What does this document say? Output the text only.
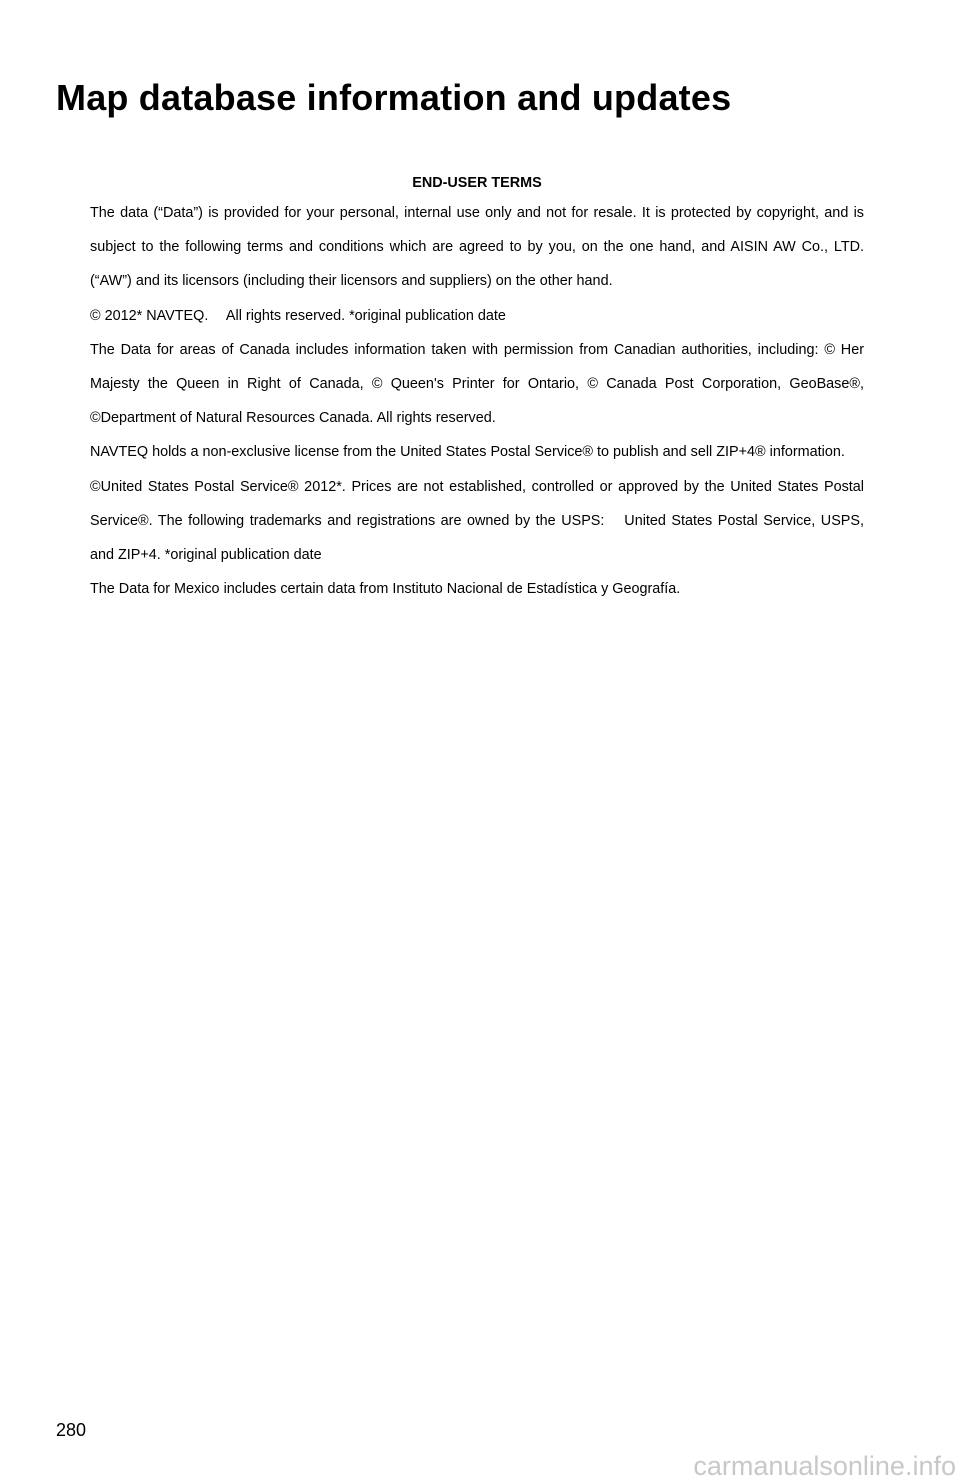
Map database information and updates
END-USER TERMS

The data (“Data”) is provided for your personal, internal use only and not for resale. It is protected by copyright, and is subject to the following terms and conditions which are agreed to by you, on the one hand, and AISIN AW Co., LTD. (“AW”) and its licensors (including their licensors and suppliers) on the other hand.

© 2012* NAVTEQ.  All rights reserved. *original publication date

The Data for areas of Canada includes information taken with permission from Canadian authorities, including: © Her Majesty the Queen in Right of Canada, © Queen's Printer for Ontario, © Canada Post Corporation, GeoBase®, ©Department of Natural Resources Canada. All rights reserved.

NAVTEQ holds a non-exclusive license from the United States Postal Service® to publish and sell ZIP+4® information.

©United States Postal Service® 2012*. Prices are not established, controlled or approved by the United States Postal Service®. The following trademarks and registrations are owned by the USPS:  United States Postal Service, USPS, and ZIP+4. *original publication date

The Data for Mexico includes certain data from Instituto Nacional de Estadística y Geografía.

280
carmanualsonline.info
